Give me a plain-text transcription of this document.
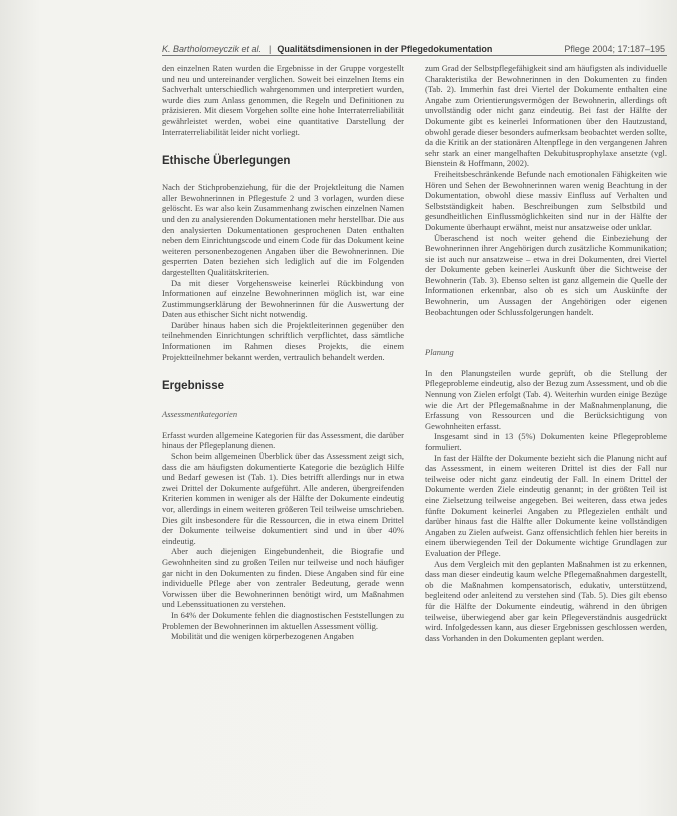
K. Bartholomeyczik et al. | Qualitätsdimensionen in der Pflegedokumentation	Pflege 2004; 17:187–195

den einzelnen Raten wurden die Ergebnisse in der Gruppe vorgestellt und neu und untereinander verglichen. Soweit bei einzelnen Items ein Sachverhalt unterschiedlich wahrgenommen und interpretiert wurden, wurde dies zum Anlass genommen, die Regeln und Definitionen zu präzisieren. Mit diesem Vorgehen sollte eine hohe Interraterreliabilität gewährleistet werden, wobei eine quantitative Darstellung der Interraterreliabilität leider nicht vorliegt.

Ethische Überlegungen

Nach der Stichprobenziehung, für die der Projektleitung die Namen aller Bewohnerinnen in Pflegestufe 2 und 3 vorlagen, wurden diese gelöscht. Es war also kein Zusammenhang zwischen einzelnen Namen und den zu analysierenden Dokumentationen mehr herstellbar. Die aus den analysierten Dokumentationen gesprochenen Daten enthalten neben dem Einrichtungscode und einem Code für das Dokument keine weiteren personenbezogenen Angaben über die Bewohnerinnen. Die gesperrten Daten beziehen sich lediglich auf die im Folgenden dargestellten Qualitätskriterien.

Da mit dieser Vorgehensweise keinerlei Rückbindung von Informationen auf einzelne Bewohnerinnen möglich ist, war eine Zustimmungserklärung der Bewohnerinnen für die Auswertung der Daten aus ethischer Sicht nicht notwendig.

Darüber hinaus haben sich die Projektleiterinnen gegenüber den teilnehmenden Einrichtungen schriftlich verpflichtet, dass sämtliche Informationen im Rahmen dieses Projekts, die einem Projektteilnehmer bekannt werden, vertraulich behandelt werden.

Ergebnisse
Assessmentkategorien

Erfasst wurden allgemeine Kategorien für das Assessment, die darüber hinaus der Pflegeplanung dienen.

Schon beim allgemeinen Überblick über das Assessment zeigt sich, dass die am häufigsten dokumentierte Kategorie die bezüglich Hilfe und Bedarf gewesen ist (Tab. 1). Dies betrifft allerdings nur in etwa zwei Drittel der Dokumente aufgeführt. Alle anderen, übergreifenden Kriterien kommen in weniger als der Hälfte der Dokumente eindeutig vor, allerdings in einem weiteren größeren Teil teilweise umschrieben. Dies gilt insbesondere für die Ressourcen, die in etwa einem Drittel der Dokumente teilweise dokumentiert sind und in über 40% eindeutig.

Aber auch diejenigen Eingebundenheit, die Biografie und Gewohnheiten sind zu großen Teilen nur teilweise und noch häufiger gar nicht in den Dokumenten zu finden. Diese Angaben sind für eine individuelle Pflege aber von zentraler Bedeutung, gerade wenn Vorwissen über die Bewohnerinnen benötigt wird, um Maßnahmen und Lebenssituationen zu verstehen.

In 64% der Dokumente fehlen die diagnostischen Feststellungen zu Problemen der Bewohnerinnen im aktuellen Assessment völlig.

Mobilität und die wenigen körperbezogenen Angaben

zum Grad der Selbstpflegefähigkeit sind am häufigsten als individuelle Charakteristika der Bewohnerinnen in den Dokumenten zu finden (Tab. 2). Immerhin fast drei Viertel der Dokumente enthalten eine Angabe zum Orientierungsvermögen der Bewohnerin, allerdings oft unvollständig oder nicht ganz eindeutig. Bei fast der Hälfte der Dokumente gibt es keinerlei Informationen über den Hautzustand, obwohl gerade dieser besonders aufmerksam beobachtet werden sollte, da die Kritik an der stationären Altenpflege in den vergangenen Jahren sehr stark an einer mangelhaften Dekubitusprophylaxe ansetzte (vgl. Bienstein & Hoffmann, 2002).

Freiheitsbeschränkende Befunde nach emotionalen Fähigkeiten wie Hören und Sehen der Bewohnerinnen waren wenig Beachtung in der Dokumentation, obwohl diese massiv Einfluss auf Verhalten und Selbstständigkeit haben. Beschreibungen zum Selbstbild und gesundheitlichen Einflussmöglichkeiten sind nur in der Hälfte der Dokumente überhaupt erwähnt, meist nur ansatzweise oder unklar.

Überaschend ist noch weiter gehend die Einbeziehung der Bewohnerinnen ihrer Angehörigen durch zusätzliche Kommunikation; sie ist auch nur ansatzweise – etwa in drei Dokumenten, drei Viertel der Dokumente geben keinerlei Auskunft über die Sichtweise der Bewohnerin (Tab. 3). Ebenso selten ist ganz allgemein die Quelle der Informationen erkennbar, also ob es sich um Auskünfte der Bewohnerin, um Aussagen der Angehörigen oder eigenen Beobachtungen oder Schlussfolgerungen handelt.

Planung

In den Planungsteilen wurde geprüft, ob die Stellung der Pflegeprobleme eindeutig, also der Bezug zum Assessment, und ob die Nennung von Zielen erfolgt (Tab. 4). Weiterhin wurden einige Bezüge wie die Art der Pflegemaßnahme in der Maßnahmenplanung, die Erfassung von Ressourcen und die Berücksichtigung von Gewohnheiten erfasst.

Insgesamt sind in 13 (5%) Dokumenten keine Pflegeprobleme formuliert.

In fast der Hälfte der Dokumente bezieht sich die Planung nicht auf das Assessment, in einem weiteren Drittel ist dies der Fall nur teilweise oder nicht ganz eindeutig der Fall. In einem Drittel der Dokumente werden Ziele eindeutig genannt; in der größten Teil ist eine Zielsetzung teilweise angegeben. Bei weiteren, dass etwa jedes fünfte Dokument keinerlei Angaben zu Pflegezielen enthält und darüber hinaus fast die Hälfte aller Dokumente keine vollständigen Angaben zu Zielen aufweist. Ganz offensichtlich fehlen hier bereits in einem überwiegenden Teil der Dokumente wichtige Grundlagen zur Evaluation der Pflege.

Aus dem Vergleich mit den geplanten Maßnahmen ist zu erkennen, dass man dieser eindeutig kaum welche Pflegemaßnahmen dargestellt, ob die Maßnahmen kompensatorisch, edukativ, unterstützend, begleitend oder anleitend zu verstehen sind (Tab. 5). Dies gilt ebenso für die Hälfte der Dokumente eindeutig, während in den übrigen teilweise, überwiegend aber gar kein Pflegeverständnis ausgedrückt wird. Infolgedessen kann, aus dieser Ergebnissen geschlossen werden, dass Vorhanden in den Dokumenten geplant werden.
